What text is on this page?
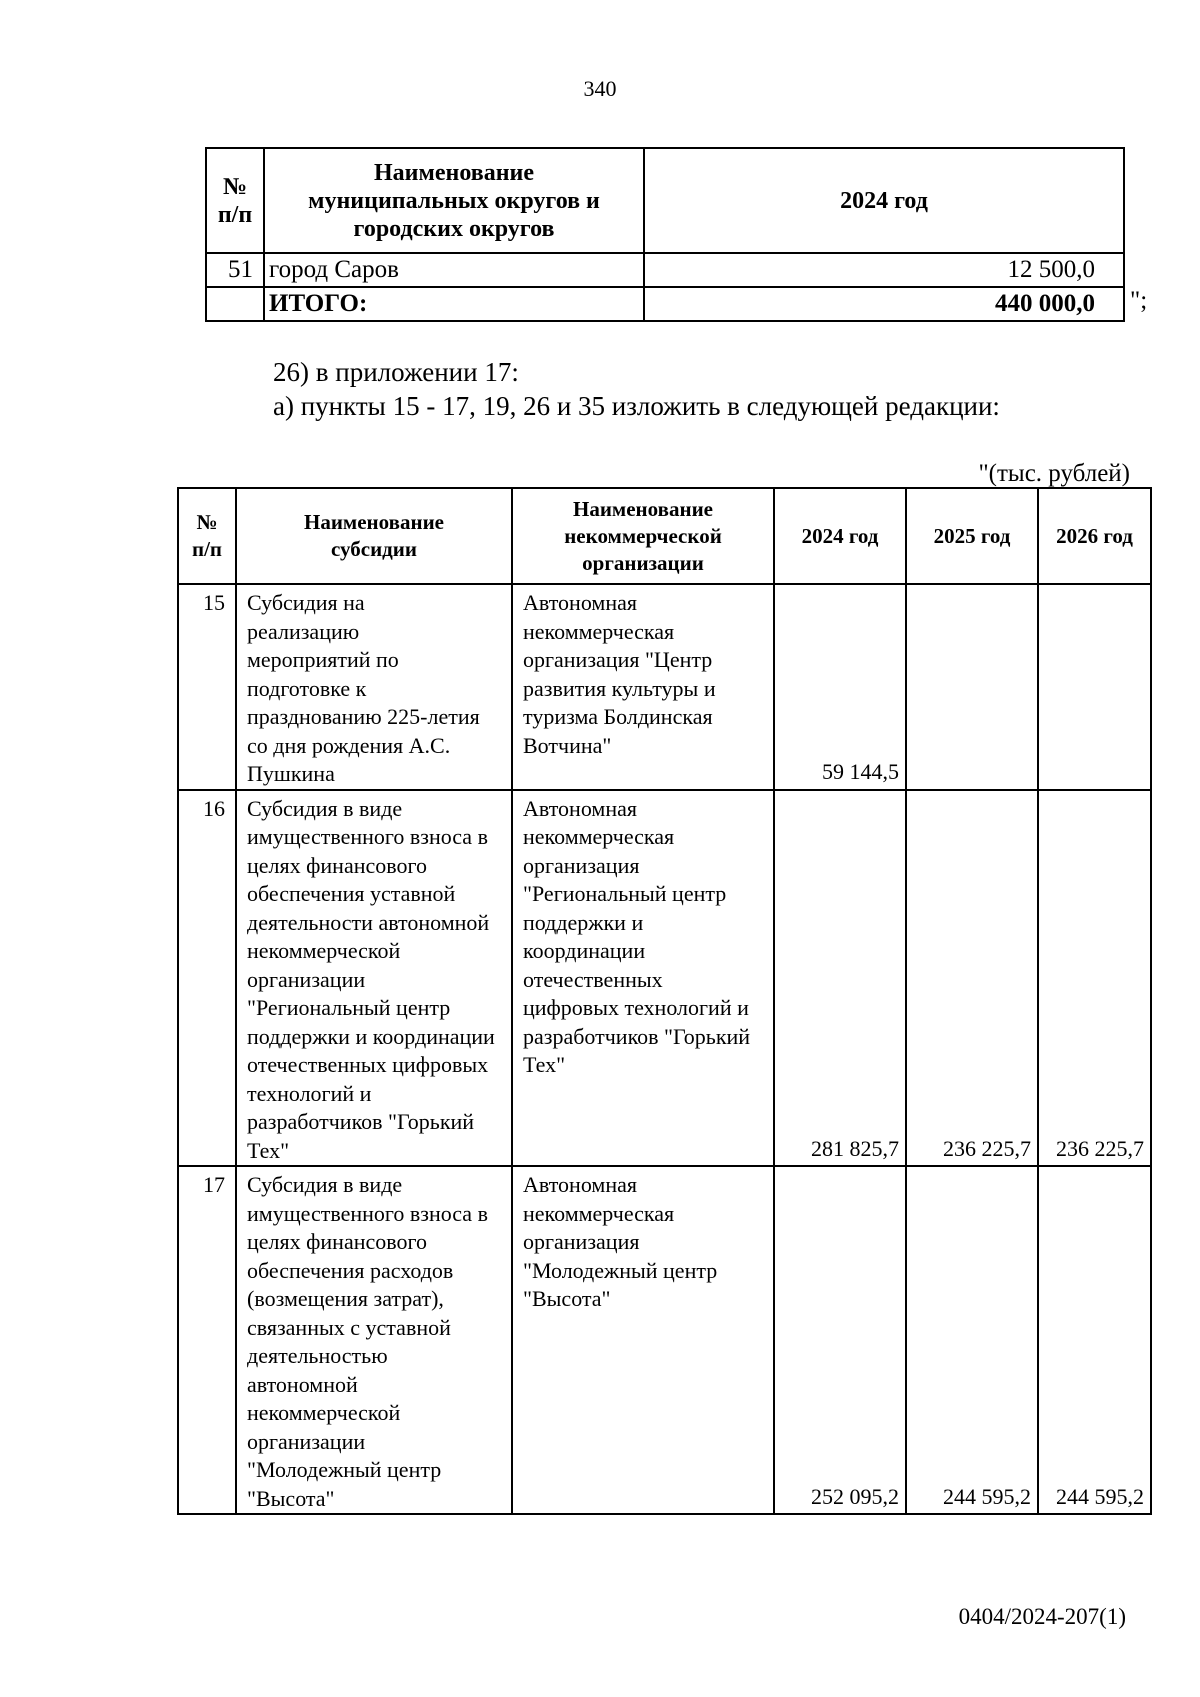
340
№ п/п	Наименование муниципальных округов и городских округов	2024 год
51	город Саров	12 500,0
	ИТОГО:	440 000,0 ";
26) в приложении 17:
а) пункты 15 - 17, 19, 26 и 35 изложить в следующей редакции:
"(тыс. рублей)
№ п/п	Наименование субсидии	Наименование некоммерческой организации	2024 год	2025 год	2026 год
15	Субсидия на реализацию мероприятий по подготовке к празднованию 225-летия со дня рождения А.С. Пушкина	Автономная некоммерческая организация "Центр развития культуры и туризма Болдинская Вотчина"	59 144,5		
16	Субсидия в виде имущественного взноса в целях финансового обеспечения уставной деятельности автономной некоммерческой организации "Региональный центр поддержки и координации отечественных цифровых технологий и разработчиков "Горький Тех"	Автономная некоммерческая организация "Региональный центр поддержки и координации отечественных цифровых технологий и разработчиков "Горький Тех"	281 825,7	236 225,7	236 225,7
17	Субсидия в виде имущественного взноса в целях финансового обеспечения расходов (возмещения затрат), связанных с уставной деятельностью автономной некоммерческой организации "Молодежный центр "Высота"	Автономная некоммерческая организация "Молодежный центр "Высота"	252 095,2	244 595,2	244 595,2
0404/2024-207(1)
